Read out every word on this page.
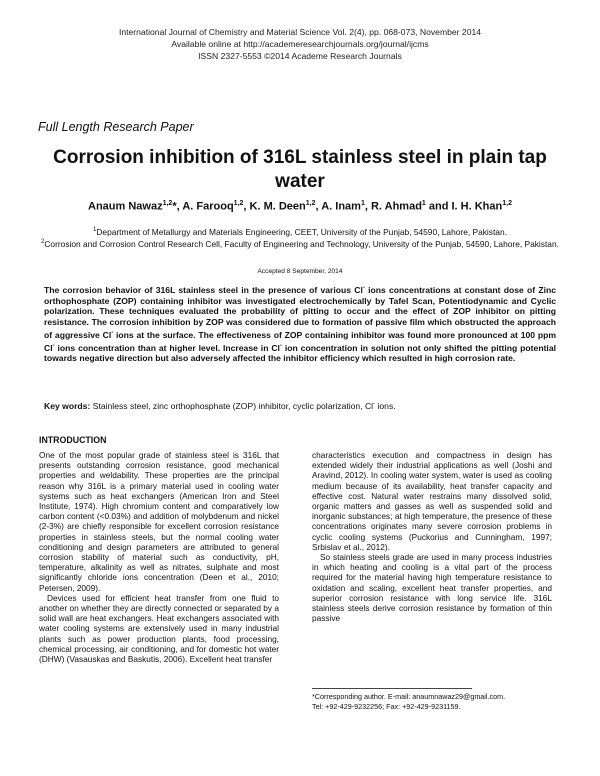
International Journal of Chemistry and Material Science Vol. 2(4), pp. 068-073, November 2014
Available online at http://academeresearchjournals.org/journal/ijcms
ISSN 2327-5553 ©2014 Academe Research Journals
Full Length Research Paper
Corrosion inhibition of 316L stainless steel in plain tap water
Anaum Nawaz$^{1,2}$*, A. Farooq$^{1,2}$, K. M. Deen$^{1,2}$, A. Inam$^1$, R. Ahmad$^1$ and I. H. Khan$^{1,2}$
$^1$Department of Metallurgy and Materials Engineering, CEET, University of the Punjab, 54590, Lahore, Pakistan.
$^2$Corrosion and Corrosion Control Research Cell, Faculty of Engineering and Technology, University of the Punjab, 54590, Lahore, Pakistan.
Accepted 8 September, 2014

The corrosion behavior of 316L stainless steel in the presence of various Cl- ions concentrations at constant dose of Zinc orthophosphate (ZOP) containing inhibitor was investigated electrochemically by Tafel Scan, Potentiodynamic and Cyclic polarization. These techniques evaluated the probability of pitting to occur and the effect of ZOP inhibitor on pitting resistance. The corrosion inhibition by ZOP was considered due to formation of passive film which obstructed the approach of aggressive Cl- ions at the surface. The effectiveness of ZOP containing inhibitor was found more pronounced at 100 ppm Cl- ions concentration than at higher level. Increase in Cl- ion concentration in solution not only shifted the pitting potential towards negative direction but also adversely affected the inhibitor efficiency which resulted in high corrosion rate.

Key words: Stainless steel, zinc orthophosphate (ZOP) inhibitor, cyclic polarization, Cl- ions.

INTRODUCTION

One of the most popular grade of stainless steel is 316L that presents outstanding corrosion resistance, good mechanical properties and weldability. These properties are the principal reason why 316L is a primary material used in cooling water systems such as heat exchangers (American Iron and Steel Institute, 1974). High chromium content and comparatively low carbon content (<0.03%) and addition of molybdenum and nickel (2-3%) are chiefly responsible for excellent corrosion resistance properties in stainless steels, but the normal cooling water conditioning and design parameters are attributed to general corrosion stability of material such as conductivity, pH, temperature, alkalinity as well as nitrates, sulphate and most significantly chloride ions concentration (Deen et al., 2010; Petersen, 2009).

Devices used for efficient heat transfer from one fluid to another on whether they are directly connected or separated by a solid wall are heat exchangers. Heat exchangers associated with water cooling systems are extensively used in many industrial plants such as power production plants, food processing, chemical processing, air conditioning, and for domestic hot water (DHW) (Vasauskas and Baskutis, 2006). Excellent heat transfer

characteristics execution and compactness in design has extended widely their industrial applications as well (Joshi and Aravind, 2012). In cooling water system, water is used as cooling medium because of its availability, heat transfer capacity and effective cost. Natural water restrains many dissolved solid, organic matters and gasses as well as suspended solid and inorganic substances; at high temperature, the presence of these concentrations originates many severe corrosion problems in cyclic cooling systems (Puckorius and Cunningham, 1997; Srbislav et al., 2012).

So stainless steels grade are used in many process industries in which heating and cooling is a vital part of the process required for the material having high temperature resistance to oxidation and scaling, excellent heat transfer properties, and superior corrosion resistance with long service life. 316L stainless steels derive corrosion resistance by formation of thin passive

*Corresponding author. E-mail: anaumnawaz29@gmail.com.

Tel: +92-429-9232256; Fax: +92-429-9231159.
